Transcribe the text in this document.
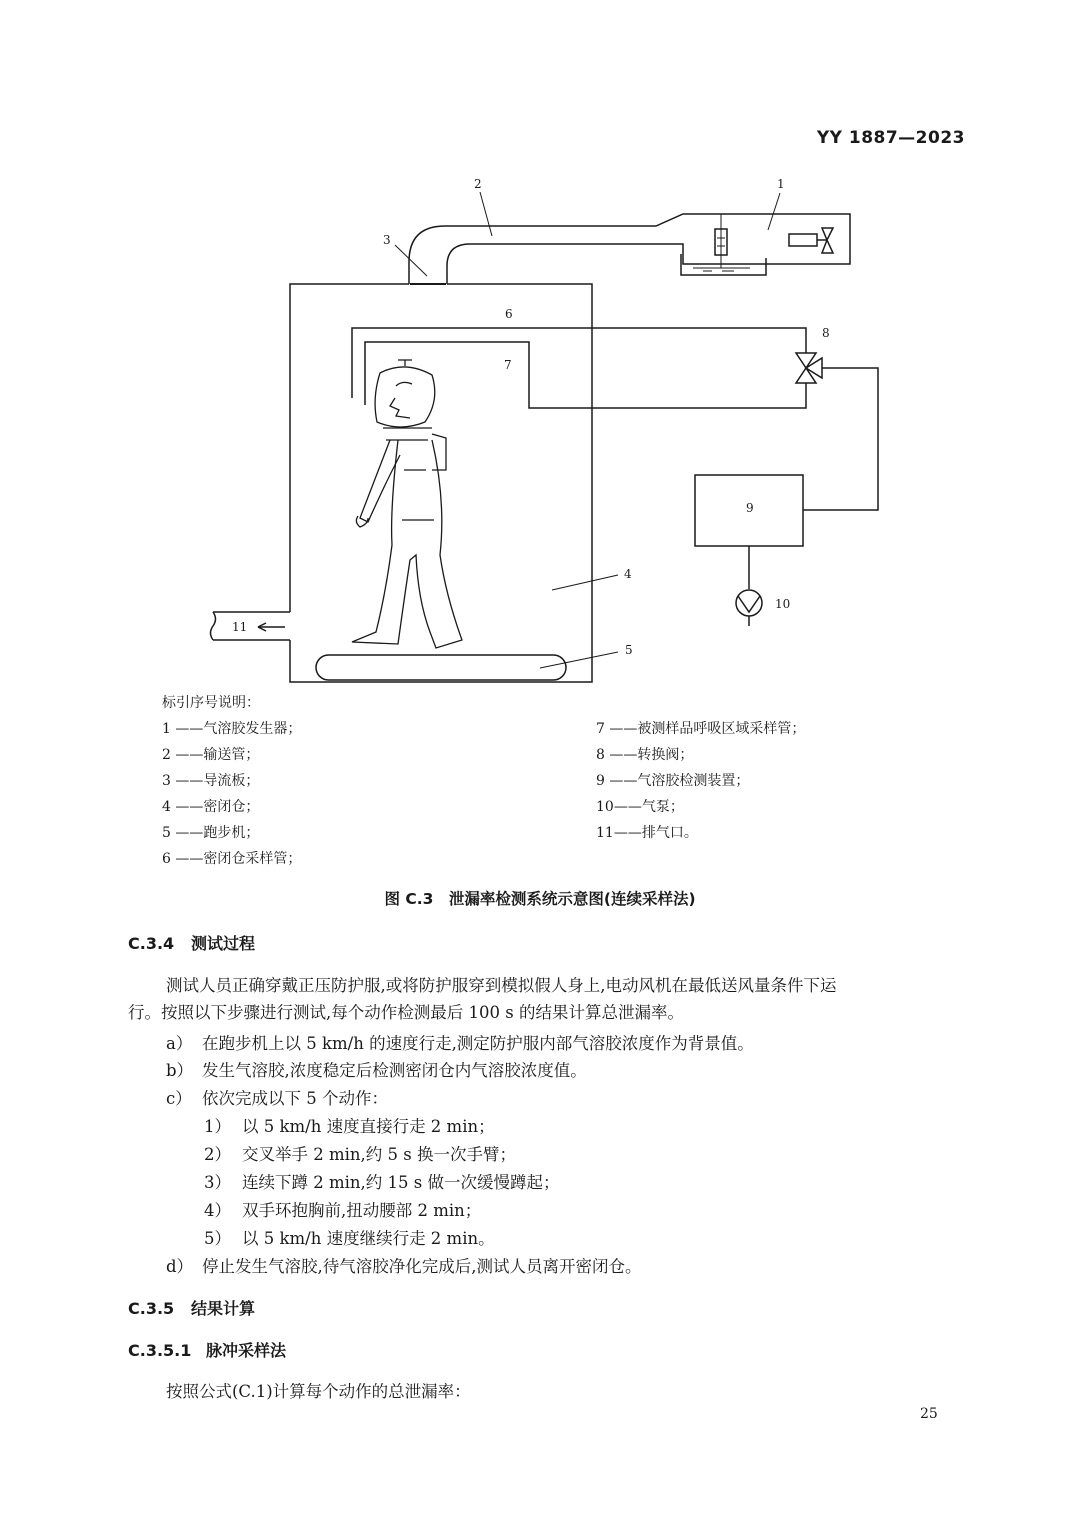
YY 1887—2023
1
2
3
4
5
6
7
8
9
10
11
标引序号说明：
1 ——气溶胶发生器；
2 ——输送管；
3 ——导流板；
4 ——密闭仓；
5 ——跑步机；
6 ——密闭仓采样管；
7 ——被测样品呼吸区域采样管；
8 ——转换阀；
9 ——气溶胶检测装置；
10——气泵；
11——排气口。
图 C.3　泄漏率检测系统示意图(连续采样法)
C.3.4 测试过程
测试人员正确穿戴正压防护服,或将防护服穿到模拟假人身上,电动风机在最低送风量条件下运
行。按照以下步骤进行测试,每个动作检测最后 100 s 的结果计算总泄漏率。
a） 在跑步机上以 5 km/h 的速度行走,测定防护服内部气溶胶浓度作为背景值。
b） 发生气溶胶,浓度稳定后检测密闭仓内气溶胶浓度值。
c） 依次完成以下 5 个动作：
1） 以 5 km/h 速度直接行走 2 min；
2） 交叉举手 2 min,约 5 s 换一次手臂；
3） 连续下蹲 2 min,约 15 s 做一次缓慢蹲起；
4） 双手环抱胸前,扭动腰部 2 min；
5） 以 5 km/h 速度继续行走 2 min。
d） 停止发生气溶胶,待气溶胶净化完成后,测试人员离开密闭仓。
C.3.5 结果计算
C.3.5.1 脉冲采样法
按照公式(C.1)计算每个动作的总泄漏率：
25
